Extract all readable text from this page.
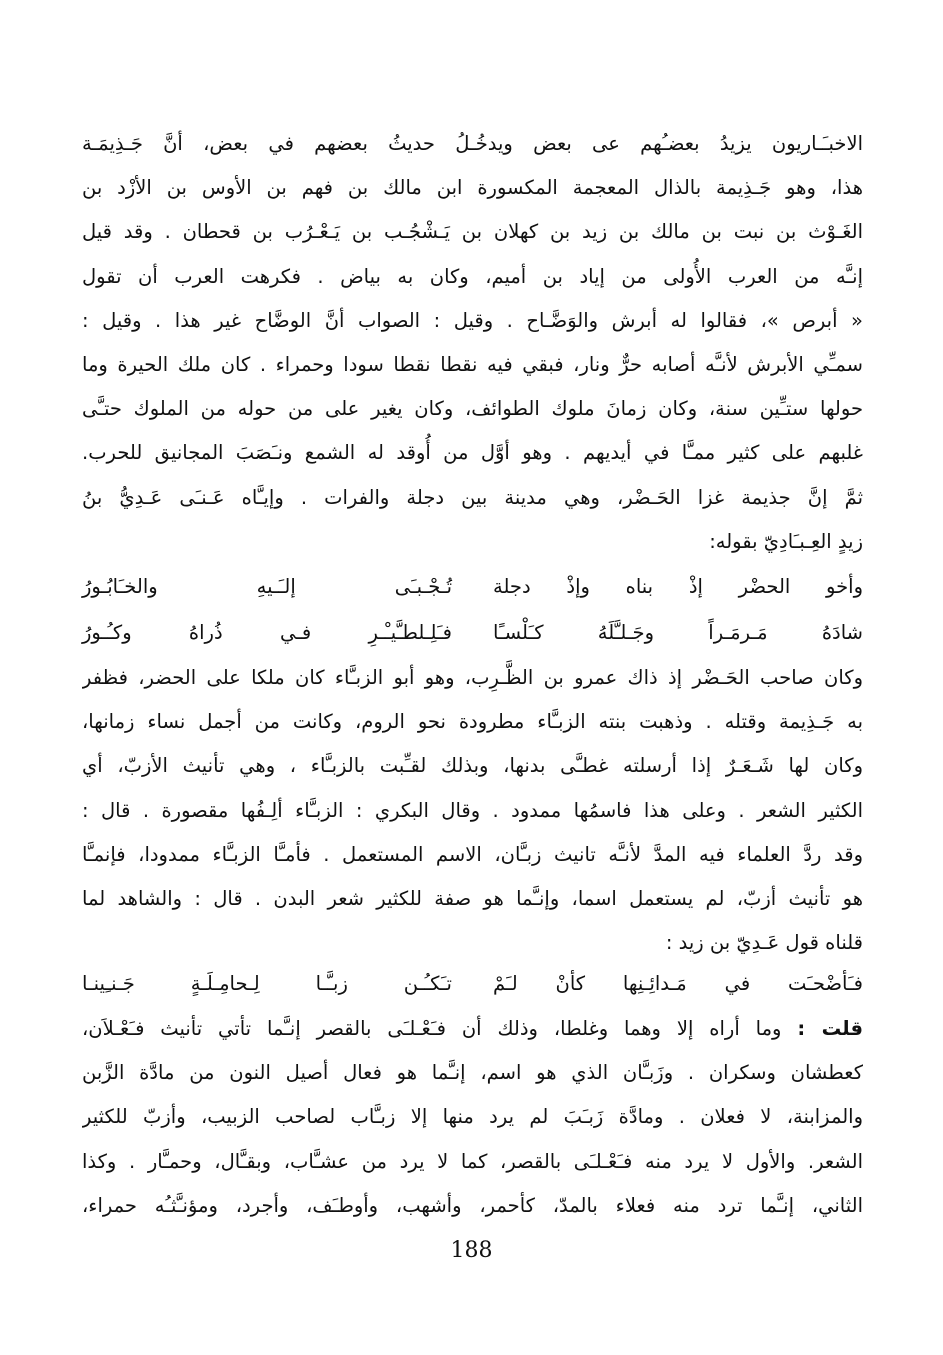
الاخبـَـاريون يزيدُ بعضـُهم عى بعض ويدخُـلُ حديثُ بعضهم في بعض، أنَّ جَـذِيمَـة
هذا، وهو جَـذِيمة بالذال المعجمة المكسورة ابن مالك بن فهم بن الأوس بن الأزْد بن
الغَـوْث بن نبت بن مالك بن زيد بن كهلان بن يَـشْجُـب بن يَـعْـرُب بن قحطان . وقد قيل
إنـَّه من العرب الأُولى من إياد بن أميم، وكان به بياض . فكرهت العرب أن تقول
« أبرص »، فقالوا له أبرش والوَضَّـاح . وقيل : الصواب أنَّ الوضَّاح غير هذا . وقيل :
سمـِّي الأبرش لأنـَّه أصابه حرٌّ ونار، فبقي فيه نقطا نقطا سودا وحمراء . كان ملك الحيرة وما
حولها ستـِّين سنة، وكان زمانَ ملوك الطوائف، وكان يغير على من حوله من الملوك حتـَّى
غلبهم على كثير ممـَّا في أيديهم . وهو أوَّل من أُوقد له الشمع ونـَصَبَ المجانيق للحرب.
ثمَّ إنَّ جذيمة غزا الحَـضْر، وهي مدينة بين دجلة والفرات . وإيـَّاه عَـنـَى عَـدِيُّ بنُ
زيدٍ العِـبـَادِيّ بقوله:
وأخو الحضْر إذْ بناه وإذْ دجلة
تُـجْـبـَى إلـَـيهِ والخـَابُـورُ
شادَهُ مَـرمَـراً وجَـلـَّلَهُ كـَلْسـًا
فـَلِـلطـَّيـْـرِ فـي ذُراهُ وكـُـورُ
وكان صاحب الحَـضْر إذ ذاك عمرو بن الظَّـرِب، وهو أبو الزبـَّاء كان ملكا على الحضر، فظفر
به جَـذِيمة وقتله . وذهبت بنته الزبـَّاء مطرودة نحو الروم، وكانت من أجمل نساء زمانها،
وكان لها شَـعَـرٌ إذا أرسلته غطـَّى بدنها، وبذلك لقـِّبت بالزبـَّاء ، وهي تأنيث الأزبّ، أي
الكثير الشعر . وعلى هذا فاسمُها ممدود . وقال البكري : الزبـَّاء ألِـفُها مقصورة . قال :
وقد ردَّ العلماء فيه المدَّ لأنـَّه تانيث زبـَّان، الاسم المستعمل . فأمـَّا الزبـَّاء ممدودا، فإنمـَّا
هو تأنيث أزبّ، لم يستعمل اسما، وإنـَّما هو صفة للكثير شعر البدن . قال : والشاهد لما
قلناه قول عَـدِيّ بن زيد :
فـَأضْحـَت في مَـدائِـنِها كأنْ لـَمْ
تـَكـُـن زبـَّـا لِـحامِـلَـةٍ جَـنـِينـا
قلت : وما أراه إلا وهما وغلطا، وذلك أن فـَعْـلـَى بالقصر إنـَّما تأتي تأنيث فـَعْـلاَن،
كعطشان وسكران . وزَبـَّان الذي هو اسم، إنـَّما هو فعال أصيل النون من مادَّة الزَّبن
والمزابنة، لا فعلان . ومادَّة زَبـَبَ لم يرد منها إلا زبـَّاب لصاحب الزبيب، وأزبّ للكثير
الشعر. والأول لا يرد منه فـَعْـلـَى بالقصر، كما لا يرد من عشـَّاب، وبقـَّال، وحمـَّار . وكذا
الثاني، إنـَّما ترد منه فعلاء بالمدّ، كأحمر، وأشهب، وأوطـَف، وأجرد، ومؤنـَّثـُه حمراء،
188
